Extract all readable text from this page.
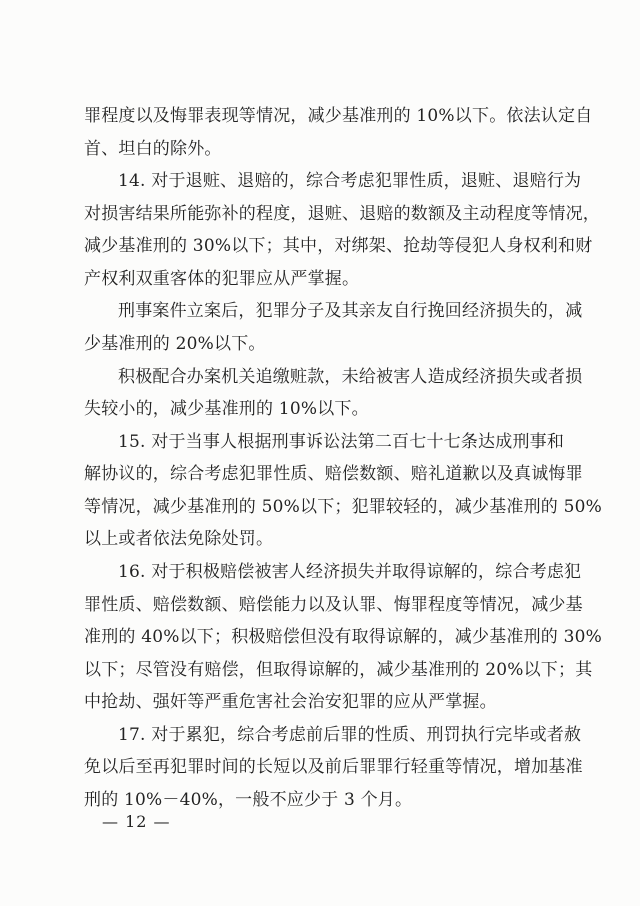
罪程度以及悔罪表现等情况，减少基准刑的 10%以下。依法认定自
首、坦白的除外。
14. 对于退赃、退赔的，综合考虑犯罪性质，退赃、退赔行为
对损害结果所能弥补的程度，退赃、退赔的数额及主动程度等情况，
减少基准刑的 30%以下；其中，对绑架、抢劫等侵犯人身权利和财
产权利双重客体的犯罪应从严掌握。
刑事案件立案后，犯罪分子及其亲友自行挽回经济损失的，减
少基准刑的 20%以下。
积极配合办案机关追缴赃款，未给被害人造成经济损失或者损
失较小的，减少基准刑的 10%以下。
15. 对于当事人根据刑事诉讼法第二百七十七条达成刑事和
解协议的，综合考虑犯罪性质、赔偿数额、赔礼道歉以及真诚悔罪
等情况，减少基准刑的 50%以下；犯罪较轻的，减少基准刑的 50%
以上或者依法免除处罚。
16. 对于积极赔偿被害人经济损失并取得谅解的，综合考虑犯
罪性质、赔偿数额、赔偿能力以及认罪、悔罪程度等情况，减少基
准刑的 40%以下；积极赔偿但没有取得谅解的，减少基准刑的 30%
以下；尽管没有赔偿，但取得谅解的，减少基准刑的 20%以下；其
中抢劫、强奸等严重危害社会治安犯罪的应从严掌握。
17. 对于累犯，综合考虑前后罪的性质、刑罚执行完毕或者赦
免以后至再犯罪时间的长短以及前后罪罪行轻重等情况，增加基准
刑的 10%－40%，一般不应少于 3 个月。
— 12 —
